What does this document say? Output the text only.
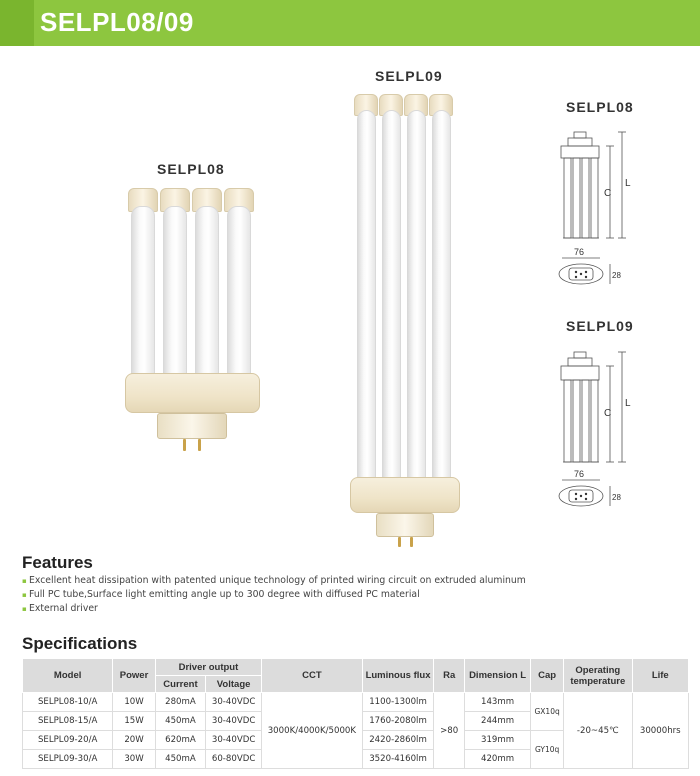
SELPL08/09
SELPL08
SELPL09
SELPL08
SELPL09
C
L
76
28
C
L
76
28
Features
▪ Excellent heat dissipation with patented unique technology of printed wiring circuit on extruded aluminum
▪ Full PC tube,Surface light emitting angle up to 300 degree with diffused PC material
▪ External driver
Specifications
Model	Power	Driver output		CCT	Luminous flux	Ra	Dimension L	Cap	Operating temperature	Life
		Current	Voltage							
SELPL08-10/A	10W	280mA	30-40VDC	3000K/4000K/5000K	1100-1300lm	>80	143mm	GX10q	-20~45℃	30000hrs
SELPL08-15/A	15W	450mA	30-40VDC		1760-2080lm		244mm			
SELPL09-20/A	20W	620mA	30-40VDC		2420-2860lm		319mm	GY10q		
SELPL09-30/A	30W	450mA	60-80VDC		3520-4160lm		420mm			
